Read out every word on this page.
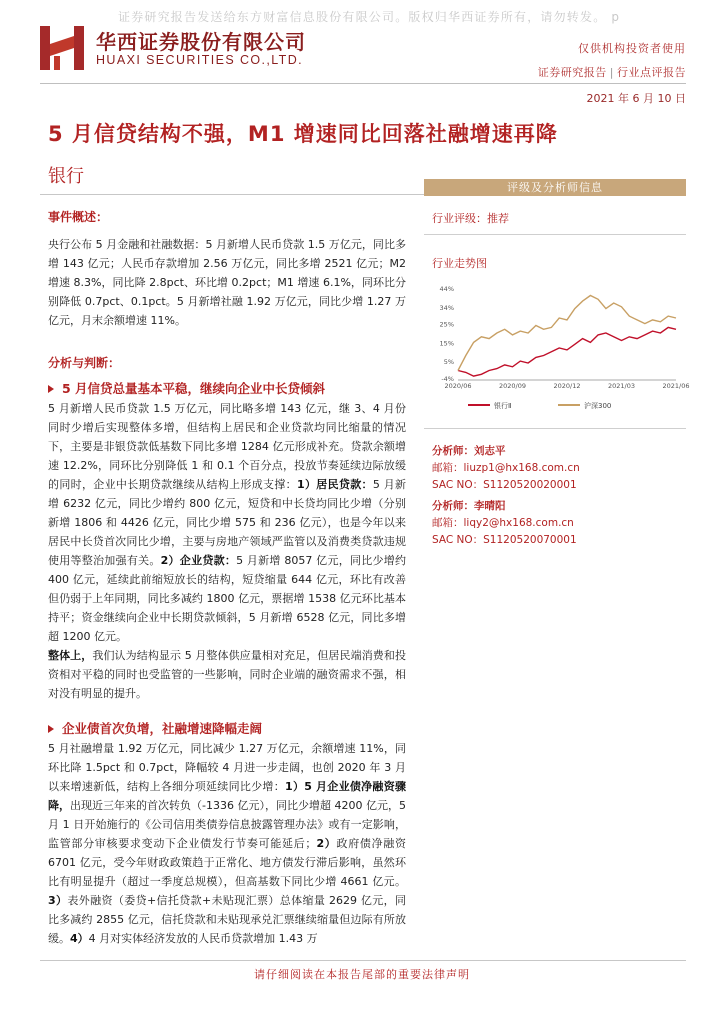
证券研究报告发送给东方财富信息股份有限公司。版权归华西证券所有，请勿转发。 p
华西证券股份有限公司
HUAXI SECURITIES CO.,LTD.
仅供机构投资者使用
证券研究报告 | 行业点评报告
2021 年 6 月 10 日
5 月信贷结构不强，M1 增速同比回落社融增速再降
银行

事件概述：

央行公布 5 月金融和社融数据：5 月新增人民币贷款 1.5 万亿元，同比多增 143 亿元；人民币存款增加 2.56 万亿元，同比多增 2521 亿元；M2 增速 8.3%，同比降 2.8pct、环比增 0.2pct；M1 增速 6.1%，同环比分别降低 0.7pct、0.1pct。5 月新增社融 1.92 万亿元，同比少增 1.27 万亿元，月末余额增速 11%。

分析与判断：

5 月信贷总量基本平稳，继续向企业中长贷倾斜

5 月新增人民币贷款 1.5 万亿元，同比略多增 143 亿元，继 3、4 月份同时少增后实现整体多增，但结构上居民和企业贷款均同比缩量的情况下，主要是非银贷款低基数下同比多增 1284 亿元形成补充。贷款余额增速 12.2%，同环比分别降低 1 和 0.1 个百分点，投放节奏延续边际放缓的同时，企业中长期贷款继续从结构上形成支撑：1）居民贷款：5 月新增 6232 亿元，同比少增约 800 亿元，短贷和中长贷均同比少增（分别新增 1806 和 4426 亿元，同比少增 575 和 236 亿元），也是今年以来居民中长贷首次同比少增，主要与房地产领域严监管以及消费类贷款违规使用等整治加强有关。2）企业贷款：5 月新增 8057 亿元，同比少增约 400 亿元，延续此前缩短放长的结构，短贷缩量 644 亿元，环比有改善但仍弱于上年同期，同比多减约 1800 亿元，票据增 1538 亿元环比基本持平；资金继续向企业中长期贷款倾斜，5 月新增 6528 亿元，同比多增超 1200 亿元。

整体上，我们认为结构显示 5 月整体供应量相对充足，但居民端消费和投资相对平稳的同时也受监管的一些影响，同时企业端的融资需求不强，相对没有明显的提升。

企业债首次负增，社融增速降幅走阔

5 月社融增量 1.92 万亿元，同比减少 1.27 万亿元，余额增速 11%，同环比降 1.5pct 和 0.7pct，降幅较 4 月进一步走阔，也创 2020 年 3 月以来增速新低，结构上各细分项延续同比少增：1）5 月企业债净融资骤降，出现近三年来的首次转负（-1336 亿元），同比少增超 4200 亿元，5 月 1 日开始施行的《公司信用类债券信息披露管理办法》或有一定影响，监管部分审核要求变动下企业债发行节奏可能延后；2）政府债净融资 6701 亿元，受今年财政政策趋于正常化、地方债发行滞后影响，虽然环比有明显提升（超过一季度总规模），但高基数下同比少增 4661 亿元。3）表外融资（委贷+信托贷款+未贴现汇票）总体缩量 2629 亿元，同比多减约 2855 亿元，信托贷款和未贴现承兑汇票继续缩量但边际有所放缓。4）4 月对实体经济发放的人民币贷款增加 1.43 万

评级及分析师信息
行业评级：推荐
行业走势图
44%
34%
25%
15%
5%
-4%
2020/06	2020/09	2020/12	2021/03	2021/06
银行Ⅱ	沪深300
分析师：刘志平
邮箱：liuzp1@hx168.com.cn
SAC NO：S1120520020001
分析师：李晴阳
邮箱：liqy2@hx168.com.cn
SAC NO：S1120520070001
请仔细阅读在本报告尾部的重要法律声明
